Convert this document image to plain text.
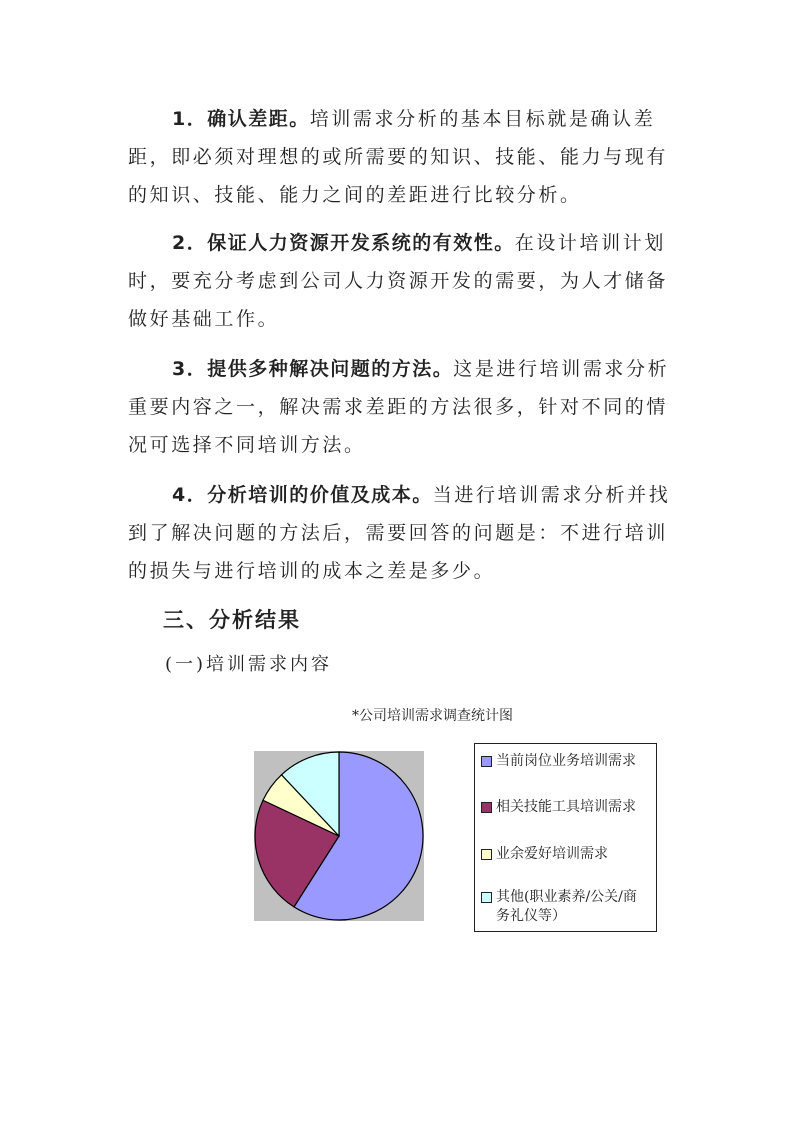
1．确认差距。培训需求分析的基本目标就是确认差距，即必须对理想的或所需要的知识、技能、能力与现有的知识、技能、能力之间的差距进行比较分析。
2．保证人力资源开发系统的有效性。在设计培训计划时，要充分考虑到公司人力资源开发的需要，为人才储备做好基础工作。
3．提供多种解决问题的方法。这是进行培训需求分析重要内容之一，解决需求差距的方法很多，针对不同的情况可选择不同培训方法。
4．分析培训的价值及成本。当进行培训需求分析并找到了解决问题的方法后，需要回答的问题是：不进行培训的损失与进行培训的成本之差是多少。
三、分析结果
(一)培训需求内容
*公司培训需求调查统计图
当前岗位业务培训需求
相关技能工具培训需求
业余爱好培训需求
其他(职业素养/公关/商务礼仪等）
